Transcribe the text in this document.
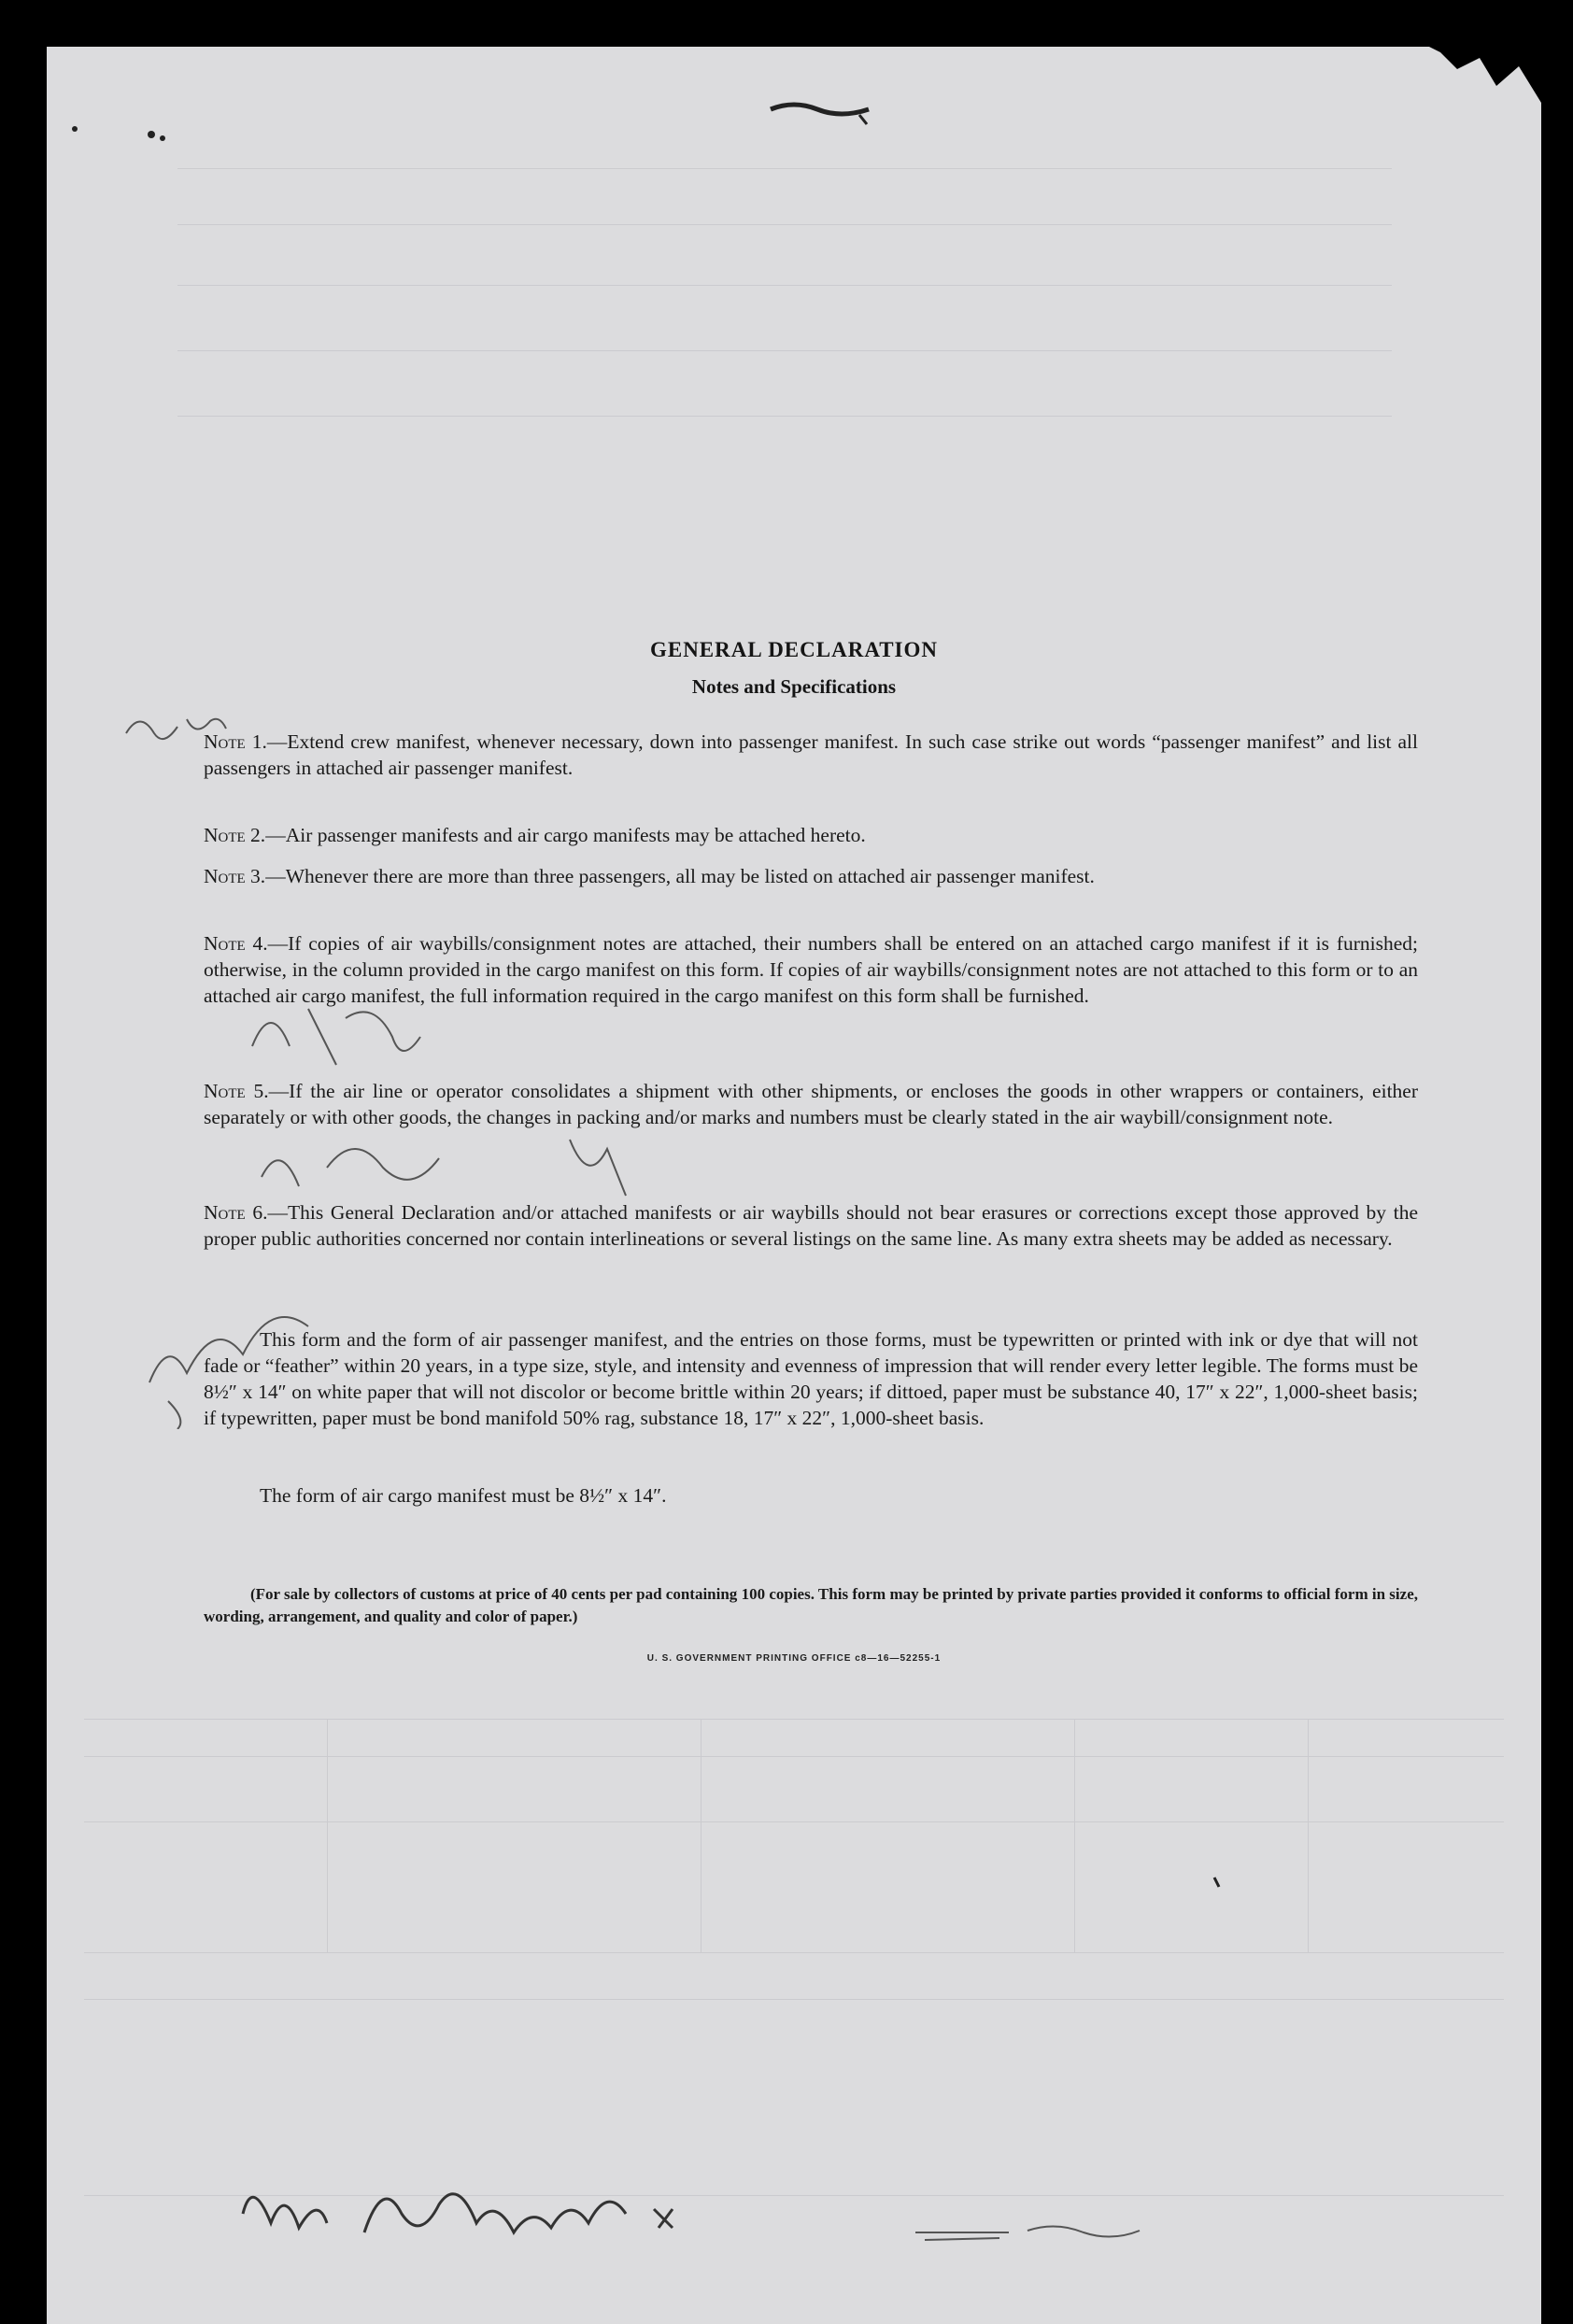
GENERAL DECLARATION
Notes and Specifications
Note 1.—Extend crew manifest, whenever necessary, down into passenger manifest. In such case strike out words “passenger manifest” and list all passengers in attached air passenger manifest.
Note 2.—Air passenger manifests and air cargo manifests may be attached hereto.
Note 3.—Whenever there are more than three passengers, all may be listed on attached air passenger manifest.
Note 4.—If copies of air waybills/consignment notes are attached, their numbers shall be entered on an attached cargo manifest if it is furnished; otherwise, in the column provided in the cargo manifest on this form. If copies of air waybills/consignment notes are not attached to this form or to an attached air cargo manifest, the full information required in the cargo manifest on this form shall be furnished.
Note 5.—If the air line or operator consolidates a shipment with other shipments, or encloses the goods in other wrappers or containers, either separately or with other goods, the changes in packing and/or marks and numbers must be clearly stated in the air waybill/consignment note.
Note 6.—This General Declaration and/or attached manifests or air waybills should not bear erasures or corrections except those approved by the proper public authorities concerned nor contain interlineations or several listings on the same line. As many extra sheets may be added as necessary.
This form and the form of air passenger manifest, and the entries on those forms, must be typewritten or printed with ink or dye that will not fade or “feather” within 20 years, in a type size, style, and intensity and evenness of impression that will render every letter legible. The forms must be 8½″ x 14″ on white paper that will not discolor or become brittle within 20 years; if dittoed, paper must be substance 40, 17″ x 22″, 1,000-sheet basis; if typewritten, paper must be bond manifold 50% rag, substance 18, 17″ x 22″, 1,000-sheet basis.
The form of air cargo manifest must be 8½″ x 14″.
(For sale by collectors of customs at price of 40 cents per pad containing 100 copies. This form may be printed by private parties provided it conforms to official form in size, wording, arrangement, and quality and color of paper.)
U. S. GOVERNMENT PRINTING OFFICE c8—16—52255-1
